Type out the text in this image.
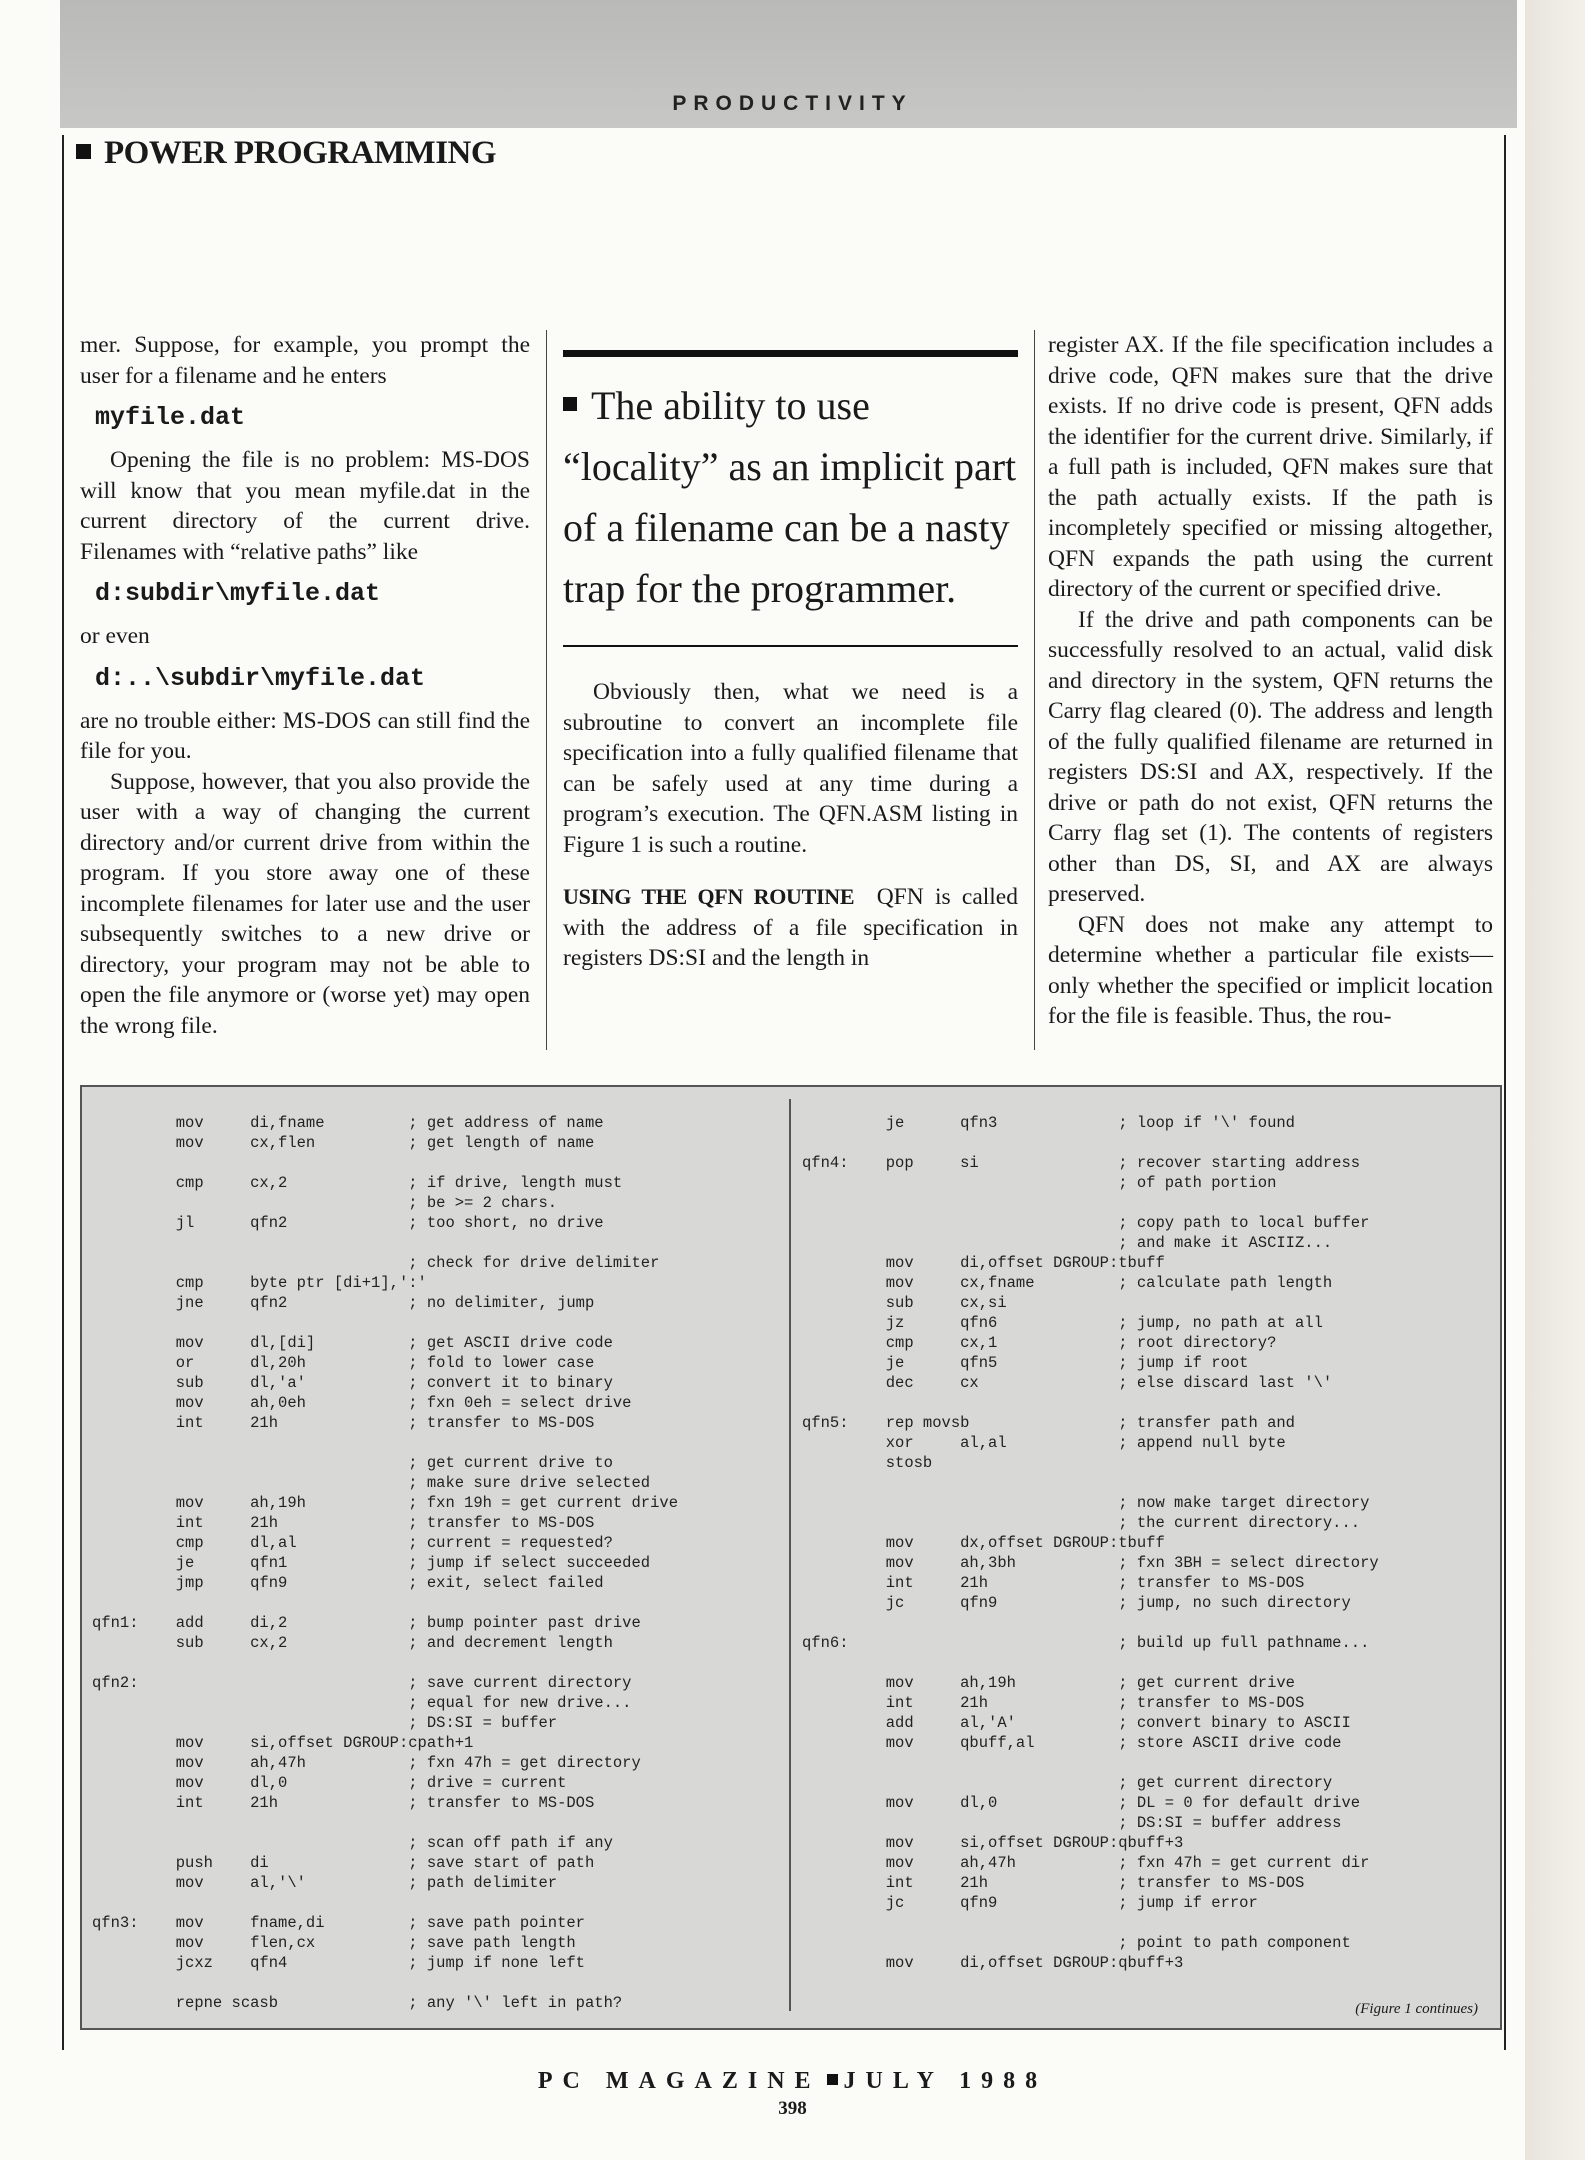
PRODUCTIVITY
POWER PROGRAMMING

mer. Suppose, for example, you prompt the user for a filename and he enters

myfile.dat

Opening the file is no problem: MS-DOS will know that you mean myfile.dat in the current directory of the current drive. Filenames with “relative paths” like

d:subdir\myfile.dat

or even

d:..\subdir\myfile.dat

are no trouble either: MS-DOS can still find the file for you.

Suppose, however, that you also provide the user with a way of changing the current directory and/or current drive from within the program. If you store away one of these incomplete filenames for later use and the user subsequently switches to a new drive or directory, your program may not be able to open the file anymore or (worse yet) may open the wrong file.

The ability to use “locality” as an implicit part of a filename can be a nasty trap for the programmer.

Obviously then, what we need is a subroutine to convert an incomplete file specification into a fully qualified filename that can be safely used at any time during a program’s execution. The QFN.ASM listing in Figure 1 is such a routine.

USING THE QFN ROUTINE QFN is called with the address of a file specification in registers DS:SI and the length in

register AX. If the file specification includes a drive code, QFN makes sure that the drive exists. If no drive code is present, QFN adds the identifier for the current drive. Similarly, if a full path is included, QFN makes sure that the path actually exists. If the path is incompletely specified or missing altogether, QFN expands the path using the current directory of the current or specified drive.

If the drive and path components can be successfully resolved to an actual, valid disk and directory in the system, QFN returns the Carry flag cleared (0). The address and length of the fully qualified filename are returned in registers DS:SI and AX, respectively. If the drive or path do not exist, QFN returns the Carry flag set (1). The contents of registers other than DS, SI, and AX are always preserved.

QFN does not make any attempt to determine whether a particular file exists—only whether the specified or implicit location for the file is feasible. Thus, the rou-

mov     di,fname         ; get address of name
mov     cx,flen          ; get length of name

cmp     cx,2             ; if drive, length must
; be >= 2 chars.
jl      qfn2             ; too short, no drive

; check for drive delimiter
cmp     byte ptr [di+1],':'
jne     qfn2             ; no delimiter, jump

mov     dl,[di]          ; get ASCII drive code
or      dl,20h           ; fold to lower case
sub     dl,'a'           ; convert it to binary
mov     ah,0eh           ; fxn 0eh = select drive
int     21h              ; transfer to MS-DOS

; get current drive to
; make sure drive selected
mov     ah,19h           ; fxn 19h = get current drive
int     21h              ; transfer to MS-DOS
cmp     dl,al            ; current = requested?
je      qfn1             ; jump if select succeeded
jmp     qfn9             ; exit, select failed

qfn1:    add     di,2             ; bump pointer past drive
sub     cx,2             ; and decrement length

qfn2:                             ; save current directory
; equal for new drive...
; DS:SI = buffer
mov     si,offset DGROUP:cpath+1
mov     ah,47h           ; fxn 47h = get directory
mov     dl,0             ; drive = current
int     21h              ; transfer to MS-DOS

; scan off path if any
push    di               ; save start of path
mov     al,'\'           ; path delimiter

qfn3:    mov     fname,di         ; save path pointer
mov     flen,cx          ; save path length
jcxz    qfn4             ; jump if none left

repne scasb              ; any '\' left in path?
je      qfn3             ; loop if '\' found

qfn4:    pop     si               ; recover starting address
; of path portion

; copy path to local buffer
; and make it ASCIIZ...
mov     di,offset DGROUP:tbuff
mov     cx,fname         ; calculate path length
sub     cx,si
jz      qfn6             ; jump, no path at all
cmp     cx,1             ; root directory?
je      qfn5             ; jump if root
dec     cx               ; else discard last '\'

qfn5:    rep movsb                ; transfer path and
xor     al,al            ; append null byte
stosb

; now make target directory
; the current directory...
mov     dx,offset DGROUP:tbuff
mov     ah,3bh           ; fxn 3BH = select directory
int     21h              ; transfer to MS-DOS
jc      qfn9             ; jump, no such directory

qfn6:                             ; build up full pathname...

mov     ah,19h           ; get current drive
int     21h              ; transfer to MS-DOS
add     al,'A'           ; convert binary to ASCII
mov     qbuff,al         ; store ASCII drive code

; get current directory
mov     dl,0             ; DL = 0 for default drive
; DS:SI = buffer address
mov     si,offset DGROUP:qbuff+3
mov     ah,47h           ; fxn 47h = get current dir
int     21h              ; transfer to MS-DOS
jc      qfn9             ; jump if error

; point to path component
mov     di,offset DGROUP:qbuff+3
(Figure 1 continues)
PC MAGAZINE JULY 1988
398
